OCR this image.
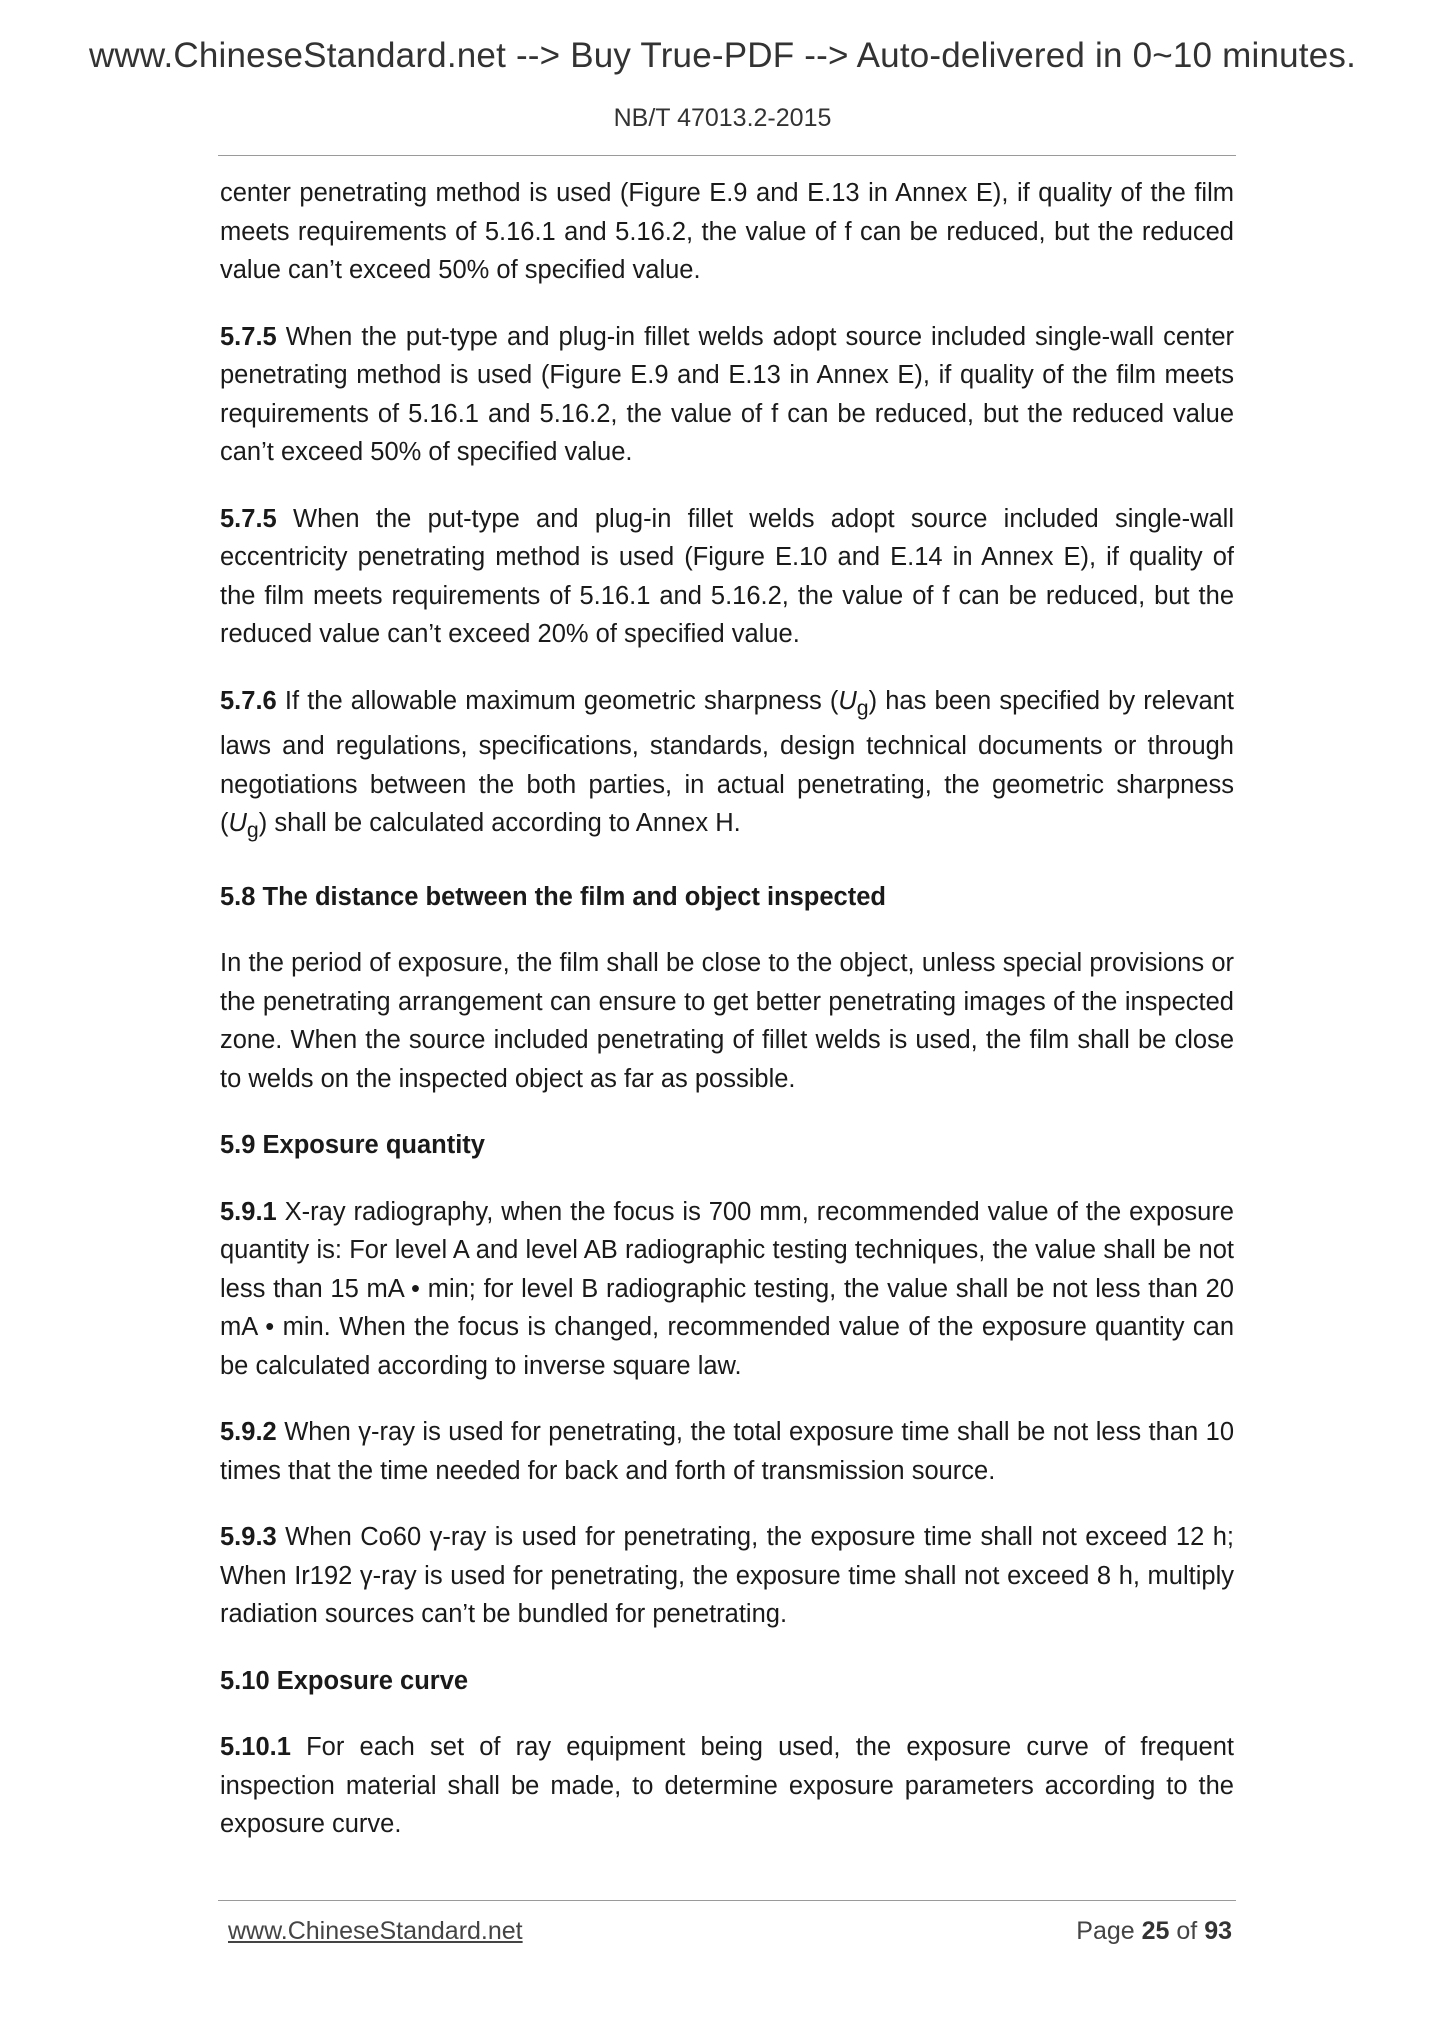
www.ChineseStandard.net --> Buy True-PDF --> Auto-delivered in 0~10 minutes.
NB/T 47013.2-2015

center penetrating method is used (Figure E.9 and E.13 in Annex E), if quality of the film meets requirements of 5.16.1 and 5.16.2, the value of f can be reduced, but the reduced value can’t exceed 50% of specified value.

5.7.5 When the put-type and plug-in fillet welds adopt source included single-wall center penetrating method is used (Figure E.9 and E.13 in Annex E), if quality of the film meets requirements of 5.16.1 and 5.16.2, the value of f can be reduced, but the reduced value can’t exceed 50% of specified value.

5.7.5 When the put-type and plug-in fillet welds adopt source included single-wall eccentricity penetrating method is used (Figure E.10 and E.14 in Annex E), if quality of the film meets requirements of 5.16.1 and 5.16.2, the value of f can be reduced, but the reduced value can’t exceed 20% of specified value.

5.7.6 If the allowable maximum geometric sharpness $(U_g)$ has been specified by relevant laws and regulations, specifications, standards, design technical documents or through negotiations between the both parties, in actual penetrating, the geometric sharpness $(U_g)$ shall be calculated according to Annex H.

5.8 The distance between the film and object inspected

In the period of exposure, the film shall be close to the object, unless special provisions or the penetrating arrangement can ensure to get better penetrating images of the inspected zone. When the source included penetrating of fillet welds is used, the film shall be close to welds on the inspected object as far as possible.

5.9 Exposure quantity

5.9.1 X-ray radiography, when the focus is 700 mm, recommended value of the exposure quantity is: For level A and level AB radiographic testing techniques, the value shall be not less than 15 mA • min; for level B radiographic testing, the value shall be not less than 20 mA • min. When the focus is changed, recommended value of the exposure quantity can be calculated according to inverse square law.

5.9.2 When γ-ray is used for penetrating, the total exposure time shall be not less than 10 times that the time needed for back and forth of transmission source.

5.9.3 When Co60 γ-ray is used for penetrating, the exposure time shall not exceed 12 h; When Ir192 γ-ray is used for penetrating, the exposure time shall not exceed 8 h, multiply radiation sources can’t be bundled for penetrating.

5.10 Exposure curve

5.10.1 For each set of ray equipment being used, the exposure curve of frequent inspection material shall be made, to determine exposure parameters according to the exposure curve.

www.ChineseStandard.net	Page 25 of 93
